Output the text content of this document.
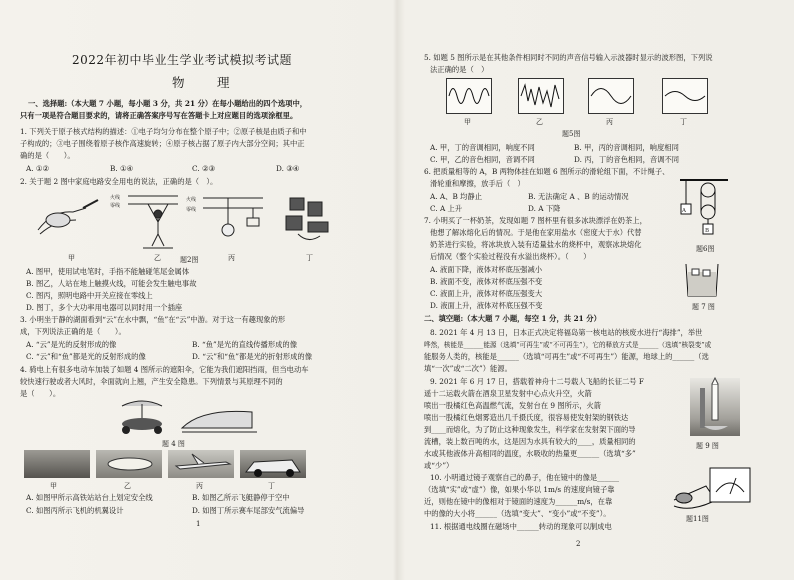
2022年初中毕业生学业考试模拟考试题
物　理
一、选择题:（本大题 7 小题，每小题 3 分，共 21 分）在每小题给出的四个选项中，
只有一项是符合题目要求的，请将正确答案序号写在答题卡上对应题目的选项涂框里。
1. 下列关于原子核式结构的描述：①电子均匀分布在整个原子中；②原子核是由质子和中
子构成的；③电子围绕着原子核作高速旋转；④原子核占据了原子内大部分空间；其中正
确的是（　　）。
A. ①②	B. ①④	C. ②③	D. ③④
2. 关于题 2 图中家庭电路安全用电的说法，正确的是（　）。
火线
零线
火线
零线
甲	乙	丙	丁
题2图
A. 图甲，使用试电笔时，手指不能触碰笔尾金属体
B. 图乙，人站在地上触摸火线，可能会发生触电事故
C. 图丙，照明电路中开关应接在零线上
D. 图丁，多个大功率用电器可以同时用一个插座
3. 小明坐于静的湖面看到“云”在水中飘，“鱼”在“云”中游。对于这一有趣现象的形
成，下列说法正确的是（　　）。
A. “云”是光的反射形成的像	B. “鱼”是光的直线传播形成的像
C. “云”和“鱼”都是光的反射形成的像	D. “云”和“鱼”都是光的折射形成的像
4. 骑电上有很多电动车加装了如题 4 图所示的遮阳伞，它能为我们遮阳挡雨，但当电动车
较快速行驶或者大风时，伞面就向上翘，产生安全隐患。下列情景与其原理不同的
是（　　）。
题 4 图
甲	乙	丙	丁
A. 如图甲所示高铁站站台上划定安全线	B. 如图乙所示飞艇静停于空中
C. 如图丙所示飞机的机翼设计	D. 如图丁所示赛车尾部安气流偏导
1
5. 如题 5 图所示是在其他条件相同时不同的声音信号输入示波器时显示的波形图，下列说
法正确的是（　）
甲	乙	丙	丁
题5图
A. 甲，丁的音调相同，响度不同	B. 甲，丙的音调相同，响度相同
C. 甲，乙的音色相同，音调不同	D. 丙，丁的音色相同，音调不同
6. 把质量相等的 A，B 两物体挂在如题 6 图所示的滑轮组下面，不计绳子、
滑轮重和摩擦，放手后（　）
A. A、B 均静止	B. 无法确定 A 、B 的运动情况
C. A 上升	D. A 下降	A
B
题6图
7. 小明买了一杯奶茶，发现如题 7 图杯里有很多冰块漂浮在奶茶上，
他想了解冰熔化后的情况。于是他在家用盐水（密度大于水）代替
奶茶进行实验，将冰块放入装有适量盐水的烧杯中，观察冰块熔化
后情况（整个实验过程没有水溢出烧杯）。（　　）
A. 液面下降，液体对杯底压强减小
B. 液面不变，液体对杯底压强不变
C. 液面上升，液体对杯底压强变大
D. 液面上升，液体对杯底压强不变	题 7 图
二、填空题:（本大题 7 小题，每空 1 分，共 21 分）
8. 2021 年 4 月 13 日，日本正式决定将福岛第一核电站的核废水进行“海排”，举世
哗然，核能是______能源（选填“可再生”或“不可再生”），它的释放方式是______（选填“核裂变”或
能服务人类的，核能是______（选填“可再生”或“不可再生”）能源，地球上的______（选
填“一次”或“二次”）能源。
9. 2021 年 6 月 17 日，搭载着神舟十二号载人飞船的长征二号 F
遥十二运载火箭在酒泉卫星发射中心点火升空，火箭
喷出一股橘红色高温燃气流，发射台在 9 图所示，火箭
喷出一股橘红色烟雾造出几千摄氏度，很容易使发射架的钢铁达
到____而熔化，为了防止这种现象发生，科学家在发射架下面的导
流槽，装上数百吨的水，这是因为水具有较大的____，质量相同的
水或其他液体升高相同的温度，水吸收的热量更______（选填“多”
或“少”）
题 9 图
10. 小明通过镜子观察自己的鼻子，他在镜中的像是______
（选填“实”或“虚”）像，如果小华以 1m/s 的速度向镜子靠
近，则他在镜中的像相对于镜面的速度为______m/s，在靠
中的像的大小将______（选填“变大”、“变小”或“不变”）。
11. 根据通电线圈在磁场中______转动的现象可以制成电
题11图
2
